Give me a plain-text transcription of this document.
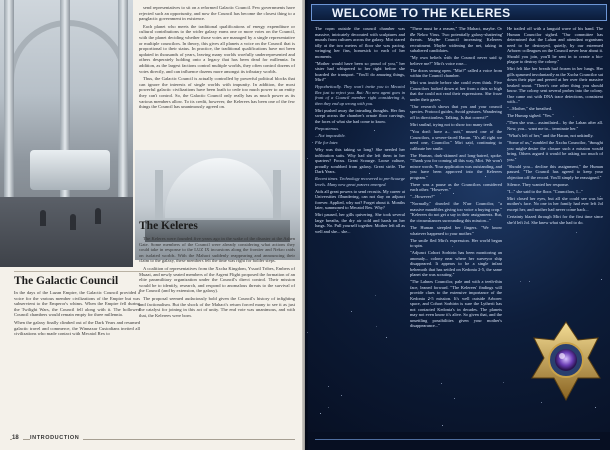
send representatives to sit on a reformed Galactic Council. Few governments have rejected such an opportunity, and now the Council has become the closest thing to a panglactic government in existence.

Each planet who meets the traditional qualifications of energy expenditure or cultural contributions to the wider galaxy earns one or more votes on the Council, with the planet deciding whether those votes are managed by a single representative or multiple councilors. In theory, this gives all planets a voice on the Council that is proportional to their status. In practice, the traditional qualifications have not been updated in thousands of years, leaving many worlds woefully underrepresented and others desperately holding onto a legacy that has been dead for millennia. In addition, as the largest factions control multiple worlds, they often control dozens of votes directly, and can influence dozens more amongst its tributary worlds.

Thus, the Galactic Council is actually controlled by powerful political blocks that can ignore the interests of single worlds with impunity. In addition, the most powerful galactic civilizations have been loath to cede too much power to an entity they can't control. So, the Galactic Council only really has as much power as its various members allow. To its credit, however, the Kelerees has been one of the few things the Council has unanimously agreed on.

The Galactic Council

In the days of the Luzan Empire, the Galactic Council provided a voice for the various member civilizations of the Empire but was subservient to the Emperor's whims. When the Empire fell during the Twilight Wars, the Council fell along with it. The hollowed Council chambers would remain empty for three millennia.

When the galaxy finally climbed out of the Dark Years and resumed galactic travel and commerce, the Winnaxar Custodians invited all civilizations who made contact with Mecatol Rex to

The Keleres

The Keleres were founded five years ago in the wake of the disaster at the Ashen Gate. Some members of the Council were already considering what actions they could take in response to the LUZ IX incursions along the frontier and Nekro raids on isolated worlds. With the Mahact suddenly reappearing and announcing their claim to the galaxy, these members felt the time was right for bolder steps.

A coalition of representatives from the Xxcha Kingdom, Yssaril Tribes, Embers of Muaat, and newly seated members of the Argent Flight proposed the formation of an elite paramilitary organization under the Council's direct control. Their mission would be to identify, research, and respond to anomalous threats to the survival of the Council (and by extension, the galaxy).

The proposal seemed audaciously bold given the Council's history of infighting and factionalism. But the shock of the Mahact's return forced many to see it as just the catalyst for joining in this act of unity. The end vote was unanimous, and with that, the Kelerees were born.

18	INTRODUCTION
WELCOME TO THE KELERES

The room outside the council chamber was massive, intricately decorated with sculptures and murals from cultures across the galaxy. Miri stared idly at the two meters of floor she was pacing, wringing her fins, homesick to each of her moments.

"Mother would have been so proud of you," her sister had whispered to her right before she boarded the transport. "You'll do amazing things, Miri!"

Hypothetically. They won't invite you to Mecatol Rex just to reject you. But: No new agent goes in front of a Council member right considering it, then they end up wrong with you.

Miri pushed away the intruding thoughts. Her fins swept across the chamber's ornate floor carvings, the faces of what she had come to know.

Preposterous.

...Not impossible.

File for later.

Why was this taking so long? She needed her infiltration suits. Why had she left them in her quarters? Focus. Great Scourge. Loose culture, proudly scrubbed from galaxy. Great strife. The Dark Years.

Recent times. Technology recovered to pre-Scourge levels. Many new great powers emerged.

Aids all great powers to send recruits. My career at Universities floundering, can not stay on adjunct forever. Applied, why not? Forget about it. Months later, summoned to Mecatol Rex. Why?

Miri paused, her gills quivering. She took several large breaths, the dry air cold and harsh on her lungs. No. Pull yourself together. Mother left all as well and she... she...

"There must be a reason," The Mahact, maybe. Or the Nekro Virus. Two potentially galaxy-shattering threats. Maybe Council increasing Kelerees recruitment. Maybe widening the net, taking in subaltered candidates.

"My own beliefs with the Council never said to believe me?" Miri's voice rose...

The doors swung open. "Miri?" called a voice from within the Council chamber.

Miri was inside before she could even think. Five Councilors looked down at her from a dais so high that the could not read their expressions. She froze under their gazes.

"Our research shows that you and your council species. Protocol guides, Avoid gestures. Wandering off in directionless. Talking. Is that correct?"

Miri smiled, trying not to show too many teeth.

"You don't have a... suit," mused one of the Councilors, a severe-faced Hacan. "It's all right we need one, Councilor." Miri said, continuing to calibrate her smile.

The Human, dark-skinned and long-haired, spoke. "Thank you for coming all this way, Miri. We won't mince words. Your application was outstanding, and you have been approved into the Kelerees program."

There was a pause as the Councilors considered each other. "However."

"...However?"

"Normally," drawled the N'arr Councilor, "a massive mandibles giving too voice a buying crop." "Kelerees do not get a say in their assignments. But, the circumstances surrounding this mission..."

The Human steepled her fingers. "We know whatever happened to your mother."

The smile fled Miri's expression. Her world began to spin.

"Adjunct Cohort Sorhirin has been monitoring an anomaly... colony near where her surveyor ship disappeared. It appears to be a single infant behemoth that has settled on Kedonia 2-5, the same planet she was scouting."

"The Lahnes Councilor, pale and with a teeth-thin face, leaned forward. "The Kelerees' findings will provide clues to the extensive importance of the Kedonia 2-5 mission. It's well outside Arborec space, and Cohort Sorhirin is sure the Lytherii has not contacted Kedonia's in decades. The planets may not even know it's alive. So given that, and the unsettling possibilities given your mother's disappearance..."

He trailed off with a languid wave of his hand. The Human Councilor sighed. "Our committee has determined that the Lahan and attendant organisms need to be destroyed, quietly, by our esteemed Arborec colleagues on the Council never hear about it. Should you join, you'll be sent in to create a bio-plague to destroy the colony."

Miri felt like her breath had frozen in her lungs. Her gills spasmed involuntarily as the Xxcha Councilor sat down their pipe and peered at her over their massive beaked snout. "There's one other thing you should know. The colony sent several probes into the colony. One came out with DNA trace detections, consistent with..."

"...Mother," she breathed.

The Human sighed. "Yes."

"Then she was... assimilated... by the Lahan after all. Now, you... want me to... terminate her."

"What's left of her," and the Hacan, not unkindly.

"Some of us," rumbled the Xxcha Councilor, "thought you might desire the closure such a mission would bring. Others argued it would be asking too much of you."

"Should you... decline this assignment," the Human paused. "The Council has agreed to keep your objection off the record. You'll simply be reassigned."

Silence. They wanted her response.

"I..." she said to the floor. "Councilors, I..."

Miri closed her eyes, but all she could see was her mother's face. No one in her family had ever left Jol except her, and mother had never come back...

Certainty blazed through Miri for the first time since she'd left Jol. She knew what she had to do.
